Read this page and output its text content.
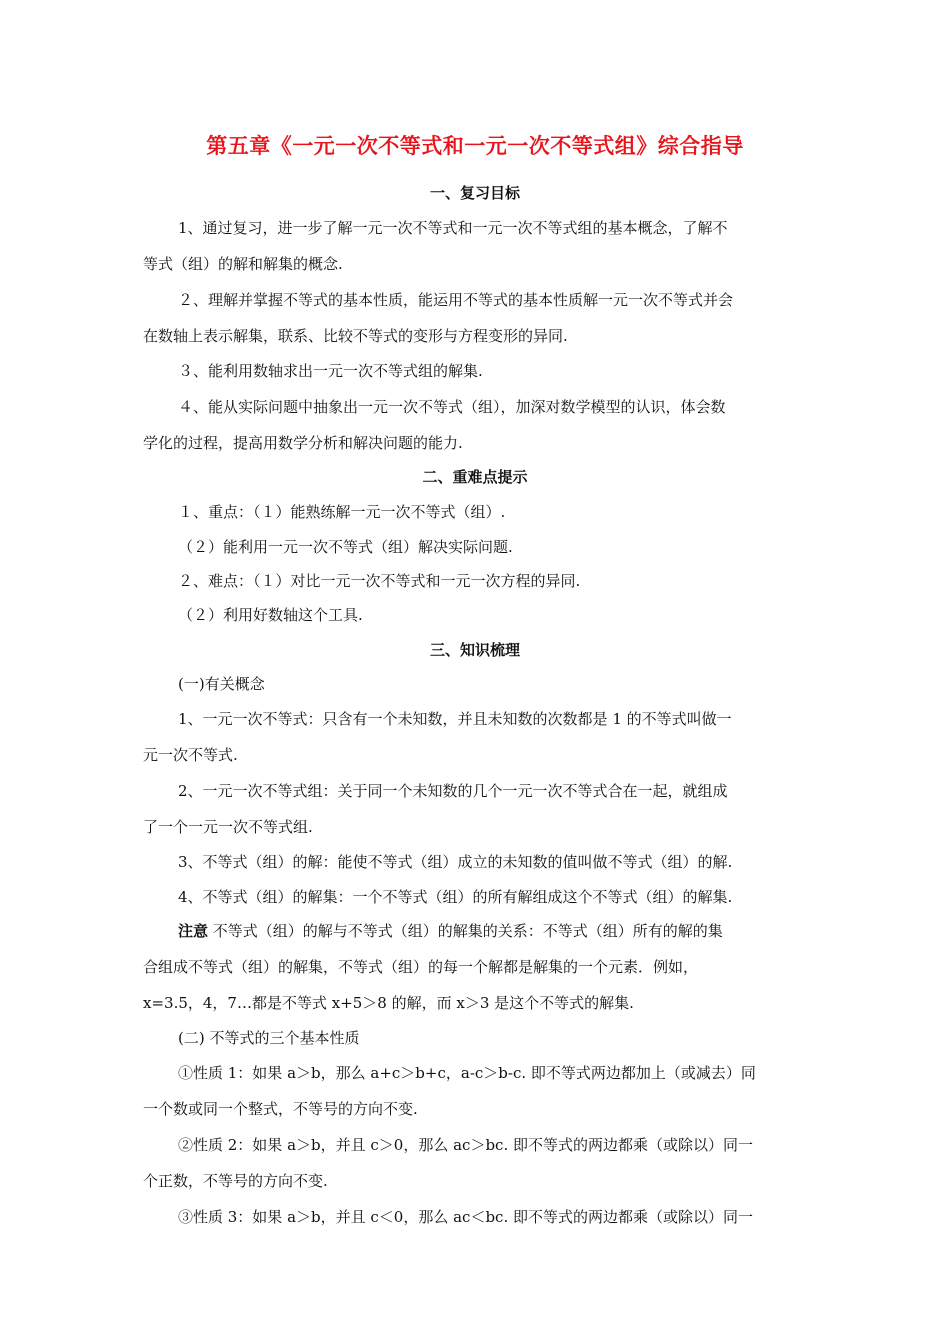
第五章《一元一次不等式和一元一次不等式组》综合指导
一、复习目标
1、通过复习，进一步了解一元一次不等式和一元一次不等式组的基本概念，了解不
等式（组）的解和解集的概念.
２、理解并掌握不等式的基本性质，能运用不等式的基本性质解一元一次不等式并会
在数轴上表示解集，联系、比较不等式的变形与方程变形的异同.
３、能利用数轴求出一元一次不等式组的解集.
４、能从实际问题中抽象出一元一次不等式（组），加深对数学模型的认识，体会数
学化的过程，提高用数学分析和解决问题的能力.
二、重难点提示
１、重点：（１）能熟练解一元一次不等式（组）.
（２）能利用一元一次不等式（组）解决实际问题.
２、难点：（１）对比一元一次不等式和一元一次方程的异同.
（２）利用好数轴这个工具.
三、知识梳理
(一)有关概念
1、一元一次不等式：只含有一个未知数，并且未知数的次数都是 1 的不等式叫做一
元一次不等式.
2、一元一次不等式组：关于同一个未知数的几个一元一次不等式合在一起，就组成
了一个一元一次不等式组.
3、不等式（组）的解：能使不等式（组）成立的未知数的值叫做不等式（组）的解.
4、不等式（组）的解集：一个不等式（组）的所有解组成这个不等式（组）的解集.
注意 不等式（组）的解与不等式（组）的解集的关系：不等式（组）所有的解的集
合组成不等式（组）的解集，不等式（组）的每一个解都是解集的一个元素．例如，
x=3.5，4，7…都是不等式 x+5＞8 的解，而 x＞3 是这个不等式的解集.
(二) 不等式的三个基本性质
①性质 1：如果 a＞b，那么 a+c＞b+c，a-c＞b-c. 即不等式两边都加上（或减去）同
一个数或同一个整式，不等号的方向不变.
②性质 2：如果 a＞b，并且 c＞0，那么 ac＞bc. 即不等式的两边都乘（或除以）同一
个正数，不等号的方向不变.
③性质 3：如果 a＞b，并且 c＜0，那么 ac＜bc. 即不等式的两边都乘（或除以）同一
